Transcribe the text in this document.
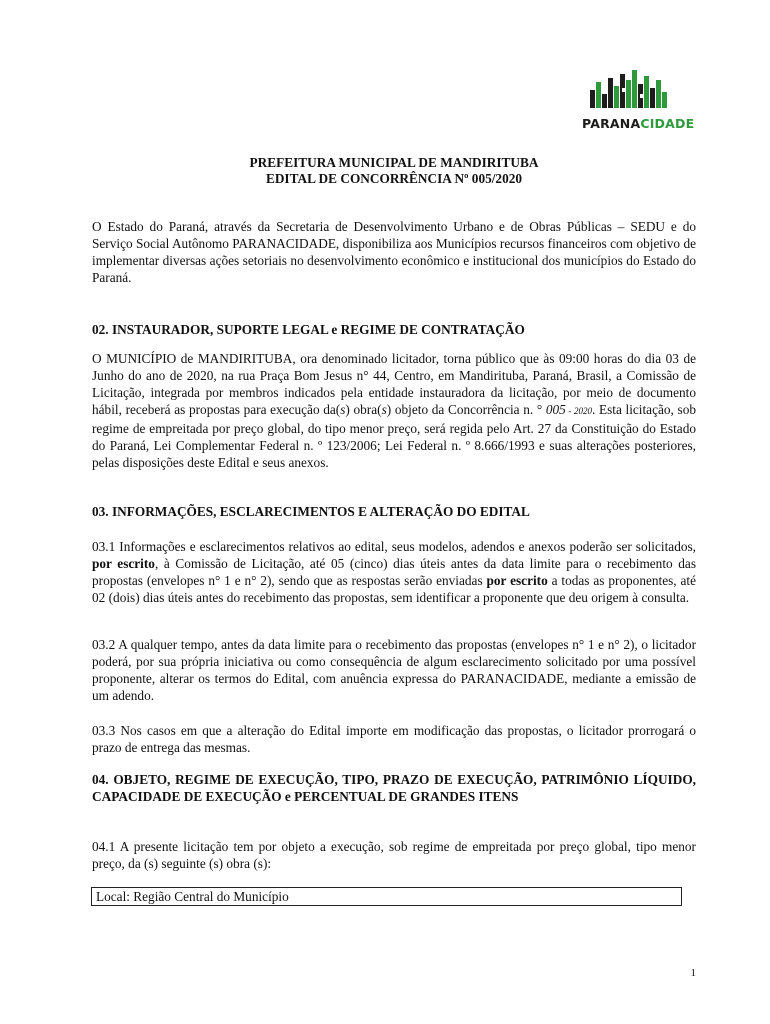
PARANACIDADE
PREFEITURA MUNICIPAL DE MANDIRITUBA
EDITAL DE CONCORRÊNCIA Nº 005/2020
O Estado do Paraná, através da Secretaria de Desenvolvimento Urbano e de Obras Públicas – SEDU e do Serviço Social Autônomo PARANACIDADE, disponibiliza aos Municípios recursos financeiros com objetivo de implementar diversas ações setoriais no desenvolvimento econômico e institucional dos municípios do Estado do Paraná.
02. INSTAURADOR, SUPORTE LEGAL e REGIME DE CONTRATAÇÃO
O MUNICÍPIO de MANDIRITUBA, ora denominado licitador, torna público que às 09:00 horas do dia 03 de Junho do ano de 2020, na rua Praça Bom Jesus n° 44, Centro, em Mandirituba, Paraná, Brasil, a Comissão de Licitação, integrada por membros indicados pela entidade instauradora da licitação, por meio de documento hábil, receberá as propostas para execução da(s) obra(s) objeto da Concorrência n. ° 005 - 2020. Esta licitação, sob regime de empreitada por preço global, do tipo menor preço, será regida pelo Art. 27 da Constituição do Estado do Paraná, Lei Complementar Federal n. º 123/2006; Lei Federal n. º 8.666/1993 e suas alterações posteriores, pelas disposições deste Edital e seus anexos.
03. INFORMAÇÕES, ESCLARECIMENTOS E ALTERAÇÃO DO EDITAL
03.1 Informações e esclarecimentos relativos ao edital, seus modelos, adendos e anexos poderão ser solicitados, por escrito, à Comissão de Licitação, até 05 (cinco) dias úteis antes da data limite para o recebimento das propostas (envelopes n° 1 e n° 2), sendo que as respostas serão enviadas por escrito a todas as proponentes, até 02 (dois) dias úteis antes do recebimento das propostas, sem identificar a proponente que deu origem à consulta.
03.2 A qualquer tempo, antes da data limite para o recebimento das propostas (envelopes n° 1 e n° 2), o licitador poderá, por sua própria iniciativa ou como consequência de algum esclarecimento solicitado por uma possível proponente, alterar os termos do Edital, com anuência expressa do PARANACIDADE, mediante a emissão de um adendo.
03.3 Nos casos em que a alteração do Edital importe em modificação das propostas, o licitador prorrogará o prazo de entrega das mesmas.
04. OBJETO, REGIME DE EXECUÇÃO, TIPO, PRAZO DE EXECUÇÃO, PATRIMÔNIO LÍQUIDO, CAPACIDADE DE EXECUÇÃO e PERCENTUAL DE GRANDES ITENS
04.1 A presente licitação tem por objeto a execução, sob regime de empreitada por preço global, tipo menor preço, da (s) seguinte (s) obra (s):
Local: Região Central do Município
1
